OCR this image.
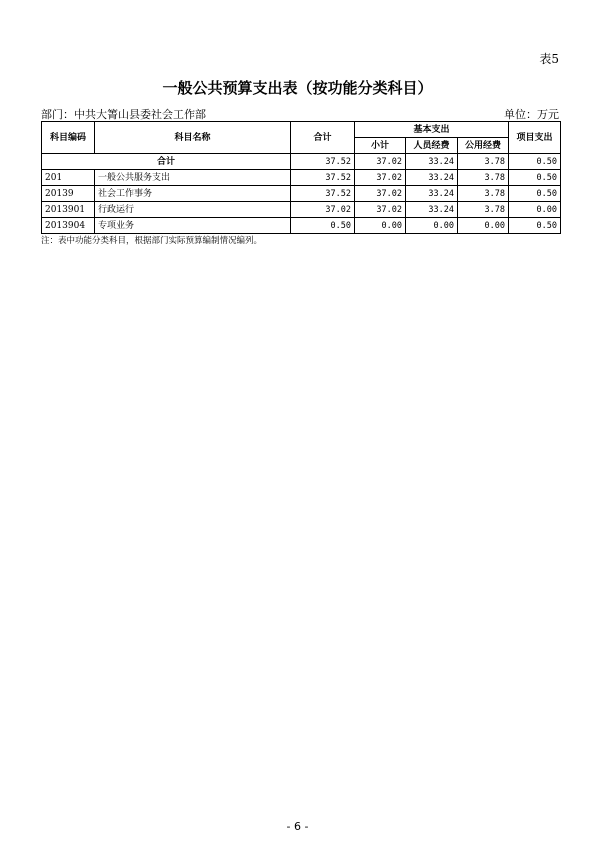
表5
一般公共预算支出表（按功能分类科目）
部门：中共大箐山县委社会工作部	单位：万元
科目编码	科目名称	合计	基本支出			项目支出
			小计	人员经费	公用经费	
合计		37.52	37.02	33.24	3.78	0.50
201	一般公共服务支出	37.52	37.02	33.24	3.78	0.50
20139	社会工作事务	37.52	37.02	33.24	3.78	0.50
2013901	行政运行	37.02	37.02	33.24	3.78	0.00
2013904	专项业务	0.50	0.00	0.00	0.00	0.50
注：表中功能分类科目，根据部门实际预算编制情况编列。
- 6 -
